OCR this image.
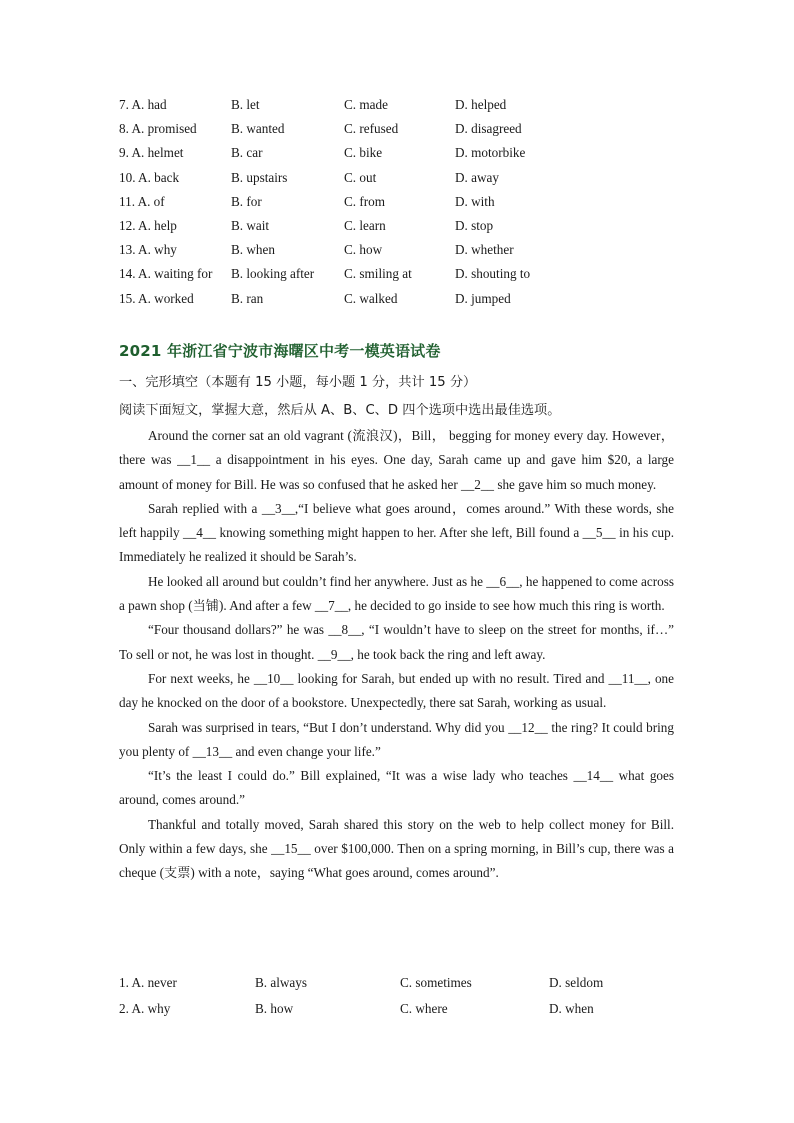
7. A. had	B. let	C. made	D. helped
8. A. promised	B. wanted	C. refused	D. disagreed
9. A. helmet	B. car	C. bike	D. motorbike
10. A. back	B. upstairs	C. out	D. away
11. A. of	B. for	C. from	D. with
12. A. help	B. wait	C. learn	D. stop
13. A. why	B. when	C. how	D. whether
14. A. waiting for B. looking after C. smiling at	D. shouting to
15. A. worked	B. ran	C. walked	D. jumped
2021 年浙江省宁波市海曙区中考一模英语试卷
一、完形填空（本题有 15 小题，每小题 1 分，共计 15 分）
阅读下面短文，掌握大意，然后从 A、B、C、D 四个选项中选出最佳选项。

Around the corner sat an old vagrant (流浪汉)，Bill， begging for money every day. However，there was __1__ a disappointment in his eyes. One day, Sarah came up and gave him $20, a large amount of money for Bill. He was so confused that he asked her __2__ she gave him so much money.

Sarah replied with a __3__,“I believe what goes around，comes around.” With these words, she left happily __4__ knowing something might happen to her. After she left, Bill found a __5__ in his cup. Immediately he realized it should be Sarah’s.

He looked all around but couldn’t find her anywhere. Just as he __6__, he happened to come across a pawn shop (当铺). And after a few __7__, he decided to go inside to see how much this ring is worth.

“Four thousand dollars?” he was __8__, “I wouldn’t have to sleep on the street for months, if…” To sell or not, he was lost in thought. __9__, he took back the ring and left away.

For next weeks, he __10__ looking for Sarah, but ended up with no result. Tired and __11__, one day he knocked on the door of a bookstore. Unexpectedly, there sat Sarah, working as usual.

Sarah was surprised in tears, “But I don’t understand. Why did you __12__ the ring? It could bring you plenty of __13__ and even change your life.”

“It’s the least I could do.” Bill explained, “It was a wise lady who teaches __14__ what goes around, comes around.”

Thankful and totally moved, Sarah shared this story on the web to help collect money for Bill. Only within a few days, she __15__ over $100,000. Then on a spring morning, in Bill’s cup, there was a cheque (支票) with a note，saying “What goes around, comes around”.

1. A. never	B. always	C. sometimes	D. seldom
2. A. why	B. how	C. where	D. when
